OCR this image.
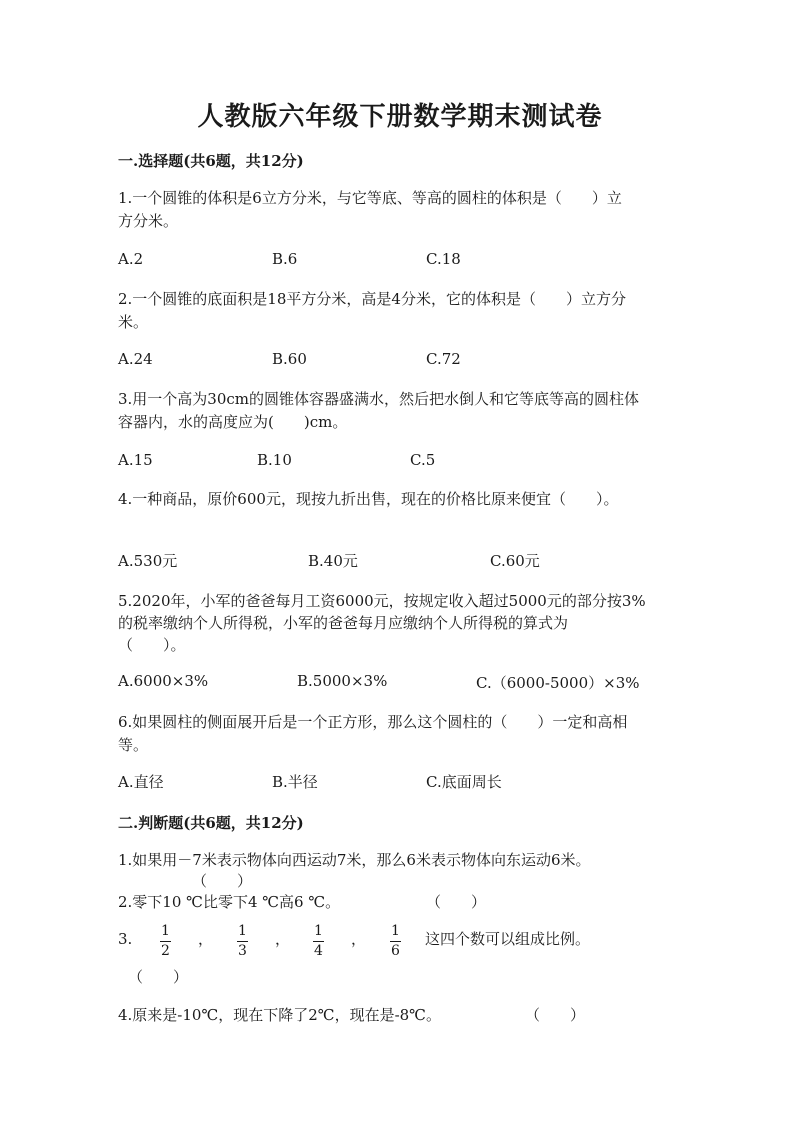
人教版六年级下册数学期末测试卷
一.选择题(共6题，共12分)
1.一个圆锥的体积是6立方分米，与它等底、等高的圆柱的体积是（　　）立
方分米。
A.2	B.6	C.18
2.一个圆锥的底面积是18平方分米，高是4分米，它的体积是（　　）立方分
米。
A.24	B.60	C.72
3.用一个高为30cm的圆锥体容器盛满水，然后把水倒人和它等底等高的圆柱体
容器内，水的高度应为(　　)cm。
A.15	B.10	C.5
4.一种商品，原价600元，现按九折出售，现在的价格比原来便宜（　　）。
A.530元	B.40元	C.60元
5.2020年，小军的爸爸每月工资6000元，按规定收入超过5000元的部分按3%
的税率缴纳个人所得税，小军的爸爸每月应缴纳个人所得税的算式为
（　　）。
A.6000×3%	B.5000×3%	C.（6000-5000）×3%
6.如果圆柱的侧面展开后是一个正方形，那么这个圆柱的（　　）一定和高相
等。
A.直径	B.半径	C.底面周长
二.判断题(共6题，共12分)
1.如果用－7米表示物体向西运动7米，那么6米表示物体向东运动6米。
（　　）
2.零下10 ℃比零下4 ℃高6 ℃。	（　　）
3. 1
2
， 1
3
， 1
4
， 1
6
这四个数可以组成比例。
（　　）
4.原来是-10℃，现在下降了2℃，现在是-8℃。	（　　）
